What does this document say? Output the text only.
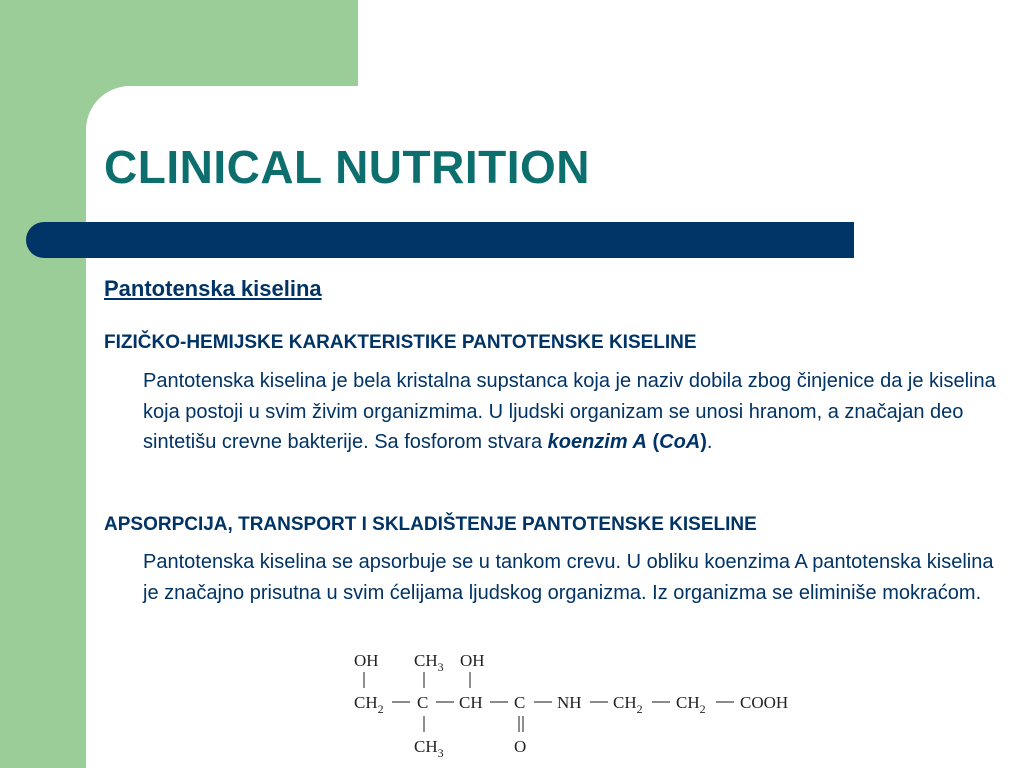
CLINICAL NUTRITION
Pantotenska kiselina
FIZIČKO-HEMIJSKE KARAKTERISTIKE PANTOTENSKE KISELINE
Pantotenska kiselina je bela kristalna supstanca koja je naziv dobila zbog činjenice da je kiselina koja postoji u svim živim organizmima. U ljudski organizam se unosi hranom, a značajan deo sintetišu crevne bakterije. Sa fosforom stvara koenzim A (CoA).
APSORPCIJA, TRANSPORT I SKLADIŠTENJE PANTOTENSKE KISELINE
Pantotenska kiselina se apsorbuje se u tankom crevu. U obliku koenzima A pantotenska kiselina je značajno prisutna u svim ćelijama ljudskog organizma. Iz organizma se eliminiše mokraćom.
OH $CH_3$ OH
$CH_2$ C CH C NH $CH_2$ $CH_2$ COOH
$CH_3$	O
